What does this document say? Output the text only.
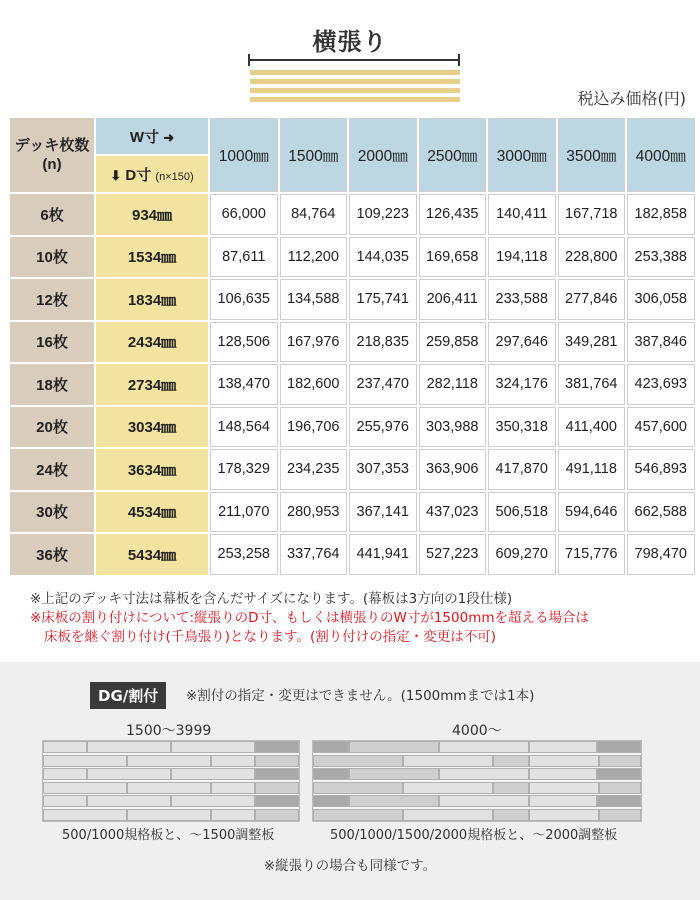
横張り
税込み価格(円)
デッキ枚数
(n)	W寸 ➜	1000㎜	1500㎜	2000㎜	2500㎜	3000㎜	3500㎜	4000㎜
	⬇ D寸 (n×150)							
6枚	934㎜	66,000	84,764	109,223	126,435	140,411	167,718	182,858
10枚	1534㎜	87,611	112,200	144,035	169,658	194,118	228,800	253,388
12枚	1834㎜	106,635	134,588	175,741	206,411	233,588	277,846	306,058
16枚	2434㎜	128,506	167,976	218,835	259,858	297,646	349,281	387,846
18枚	2734㎜	138,470	182,600	237,470	282,118	324,176	381,764	423,693
20枚	3034㎜	148,564	196,706	255,976	303,988	350,318	411,400	457,600
24枚	3634㎜	178,329	234,235	307,353	363,906	417,870	491,118	546,893
30枚	4534㎜	211,070	280,953	367,141	437,023	506,518	594,646	662,588
36枚	5434㎜	253,258	337,764	441,941	527,223	609,270	715,776	798,470
※上記のデッキ寸法は幕板を含んだサイズになります。(幕板は3方向の1段仕様)
※床板の割り付けについて:縦張りのD寸、もしくは横張りのW寸が1500mmを超える場合は
床板を継ぐ割り付け(千鳥張り)となります。(割り付けの指定・変更は不可)
DG/割付	※割付の指定・変更はできません。(1500mmまでは1本)
1500〜3999	4000〜
500/1000規格板と、〜1500調整板	500/1000/1500/2000規格板と、〜2000調整板
※縦張りの場合も同様です。
